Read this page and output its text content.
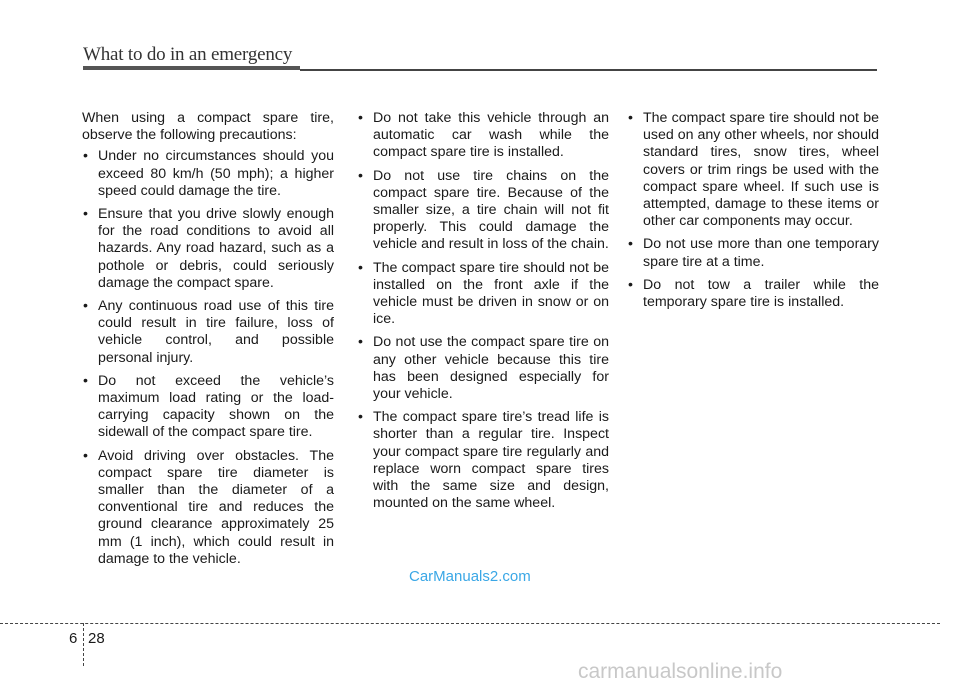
What to do in an emergency

When using a compact spare tire, observe the following precautions:

• Under no circumstances should you exceed 80 km/h (50 mph); a higher speed could damage the tire.
• Ensure that you drive slowly enough for the road conditions to avoid all hazards. Any road hazard, such as a pothole or debris, could seriously damage the compact spare.
• Any continuous road use of this tire could result in tire failure, loss of vehicle control, and possible personal injury.
• Do not exceed the vehicle’s maximum load rating or the load-carrying capacity shown on the sidewall of the compact spare tire.
• Avoid driving over obstacles. The compact spare tire diameter is smaller than the diameter of a conventional tire and reduces the ground clearance approximately 25 mm (1 inch), which could result in damage to the vehicle.
• Do not take this vehicle through an automatic car wash while the compact spare tire is installed.
• Do not use tire chains on the compact spare tire. Because of the smaller size, a tire chain will not fit properly. This could damage the vehicle and result in loss of the chain.
• The compact spare tire should not be installed on the front axle if the vehicle must be driven in snow or on ice.
• Do not use the compact spare tire on any other vehicle because this tire has been designed especially for your vehicle.
• The compact spare tire’s tread life is shorter than a regular tire. Inspect your compact spare tire regularly and replace worn compact spare tires with the same size and design, mounted on the same wheel.
• The compact spare tire should not be used on any other wheels, nor should standard tires, snow tires, wheel covers or trim rings be used with the compact spare wheel. If such use is attempted, damage to these items or other car components may occur.
• Do not use more than one temporary spare tire at a time.
• Do not tow a trailer while the temporary spare tire is installed.
CarManuals2.com
6 28
carmanualsonline.info
